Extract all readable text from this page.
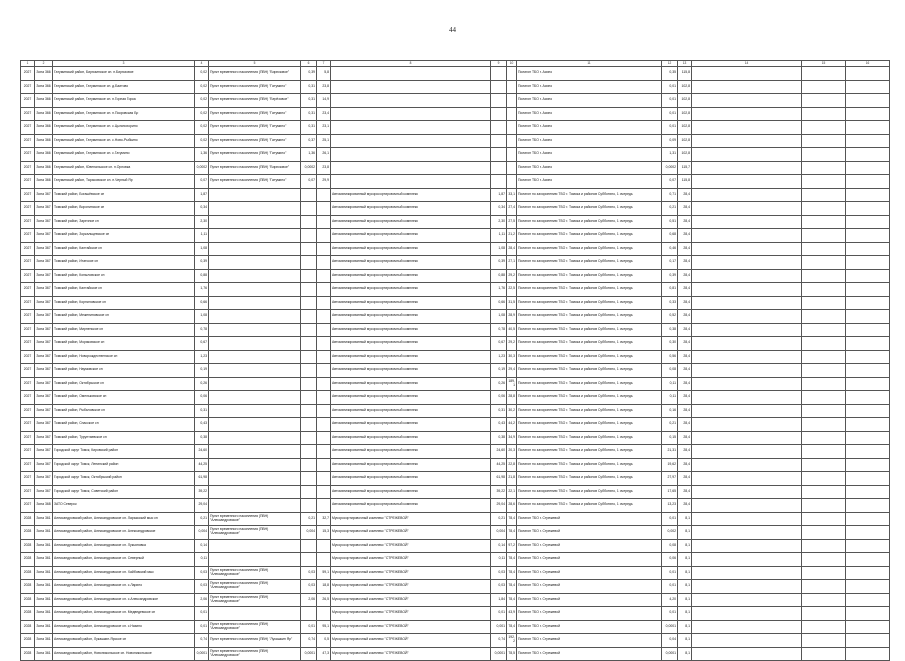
44
1	2	3	4	5	6	7	8	9	10	11	12	13	14	15	16
2027	Зона 366	Гатуминский район, Бирюзинское сп. п.Бирюзовое	0,02	Пункт временного накопления (ПВН) "Бирюзовое"	0,39	5,8				Полигон ТБО г. Асино	0,35	115,8			
2027	Зона 366	Гатуминский район, Гатуминское сп. д.Баитово	0,02	Пункт временного накопления (ПВН) "Гатумино"	0,31	23,8				Полигон ТБО г. Асино	0,01	102,8			
2027	Зона 366	Гатуминский район, Гатуминское сп. п.Горная Горка	0,02	Пункт временного накопления (ПВН) "Берёзовое"	0,31	14,9				Полигон ТБО г. Асино	0,01	102,8			
2027	Зона 366	Гатуминский район, Гатуминское сп. п.Покровская Бр	0,02	Пункт временного накопления (ПВН) "Гатумино"	0,31	23,4				Полигон ТБО г. Асино	0,01	102,8			
2027	Зона 366	Гатуминский район, Гатуминское сп. с.Цыганохорино	0,02	Пункт временного накопления (ПВН) "Гатумино"	0,31	23,1				Полигон ТБО г. Асино	0,01	102,8			
2027	Зона 366	Гатуминский район, Гатуминское сп. с.Ново-Рыбкино	0,02	Пункт временного накопления (ПВН) "Гатумино"	0,37	25,1				Полигон ТБО г. Асино	0,09	102,8			
2027	Зона 366	Гатуминский район, Гатуминское сп. с.Гатумино	1,36	Пункт временного накопления (ПВН) "Гатумино"	1,36	26,1				Полигон ТБО г. Асино	1,31	102,8			
2027	Зона 366	Гатуминский район, Ювенальское сп. п.Орловка	0,0002	Пункт временного накопления (ПВН) "Бирюзовое"	0,0002	23,8				Полигон ТБО г. Асино	0,0002	115,7			
2027	Зона 366	Гатуминский район, Тарасовское сп. п.Черный Яр	0,07	Пункт временного накопления (ПВН) "Гатумино"	0,07	29,9				Полигон ТБО г. Асино	0,07	115,8			
2027	Зона 367	Томский район, Богашёвское сп	1,87				Автоматизированный мусоросортировочный комплекс	1,87	33,1	Полигон по захоронению ТБО г. Томска и районов Субботино, 1 очередь	0,71	28,4			
2027	Зона 367	Томский район, Воронинское сп	0,34				Автоматизированный мусоросортировочный комплекс	0,34	27,4	Полигон по захоронению ТБО г. Томска и районов Субботино, 1 очередь	0,21	28,4			
2027	Зона 367	Томский район, Заречное сп	2,30				Автоматизированный мусоросортировочный комплекс	2,30	27,5	Полигон по захоронению ТБО г. Томска и районов Субботино, 1 очередь	0,51	28,4			
2027	Зона 367	Томский район, Зоркальцевское сп	1,11				Автоматизированный мусоросортировочный комплекс	1,11	21,2	Полигон по захоронению ТБО г. Томска и районов Субботино, 1 очередь	0,68	28,4			
2027	Зона 367	Томский район, Калтайское сп	1,08				Автоматизированный мусоросортировочный комплекс	1,08	28,4	Полигон по захоронению ТБО г. Томска и районов Субботино, 1 очередь	0,46	28,4			
2027	Зона 367	Томский район, Итатское сп	0,39				Автоматизированный мусоросортировочный комплекс	0,39	27,1	Полигон по захоронению ТБО г. Томска и районов Субботино, 1 очередь	0,17	28,4			
2027	Зона 367	Томский район, Копыловское сп	0,88				Автоматизированный мусоросортировочный комплекс	0,88	29,2	Полигон по захоронению ТБО г. Томска и районов Субботино, 1 очередь	0,39	28,4			
2027	Зона 367	Томский район, Калтайское сп	1,76				Автоматизированный мусоросортировочный комплекс	1,76	22,5	Полигон по захоронению ТБО г. Томска и районов Субботино, 1 очередь	0,81	28,4			
2027	Зона 367	Томский район, Корниловское сп	0,66				Автоматизированный мусоросортировочный комплекс	0,66	31,5	Полигон по захоронению ТБО г. Томска и районов Субботино, 1 очередь	0,33	28,4			
2027	Зона 367	Томский район, Межениновское сп	1,08				Автоматизированный мусоросортировочный комплекс	1,08	28,9	Полигон по захоронению ТБО г. Томска и районов Субботино, 1 очередь	0,52	28,4			
2027	Зона 367	Томский район, Мирненское сп	0,78				Автоматизированный мусоросортировочный комплекс	0,78	40,5	Полигон по захоронению ТБО г. Томска и районов Субботино, 1 очередь	0,38	28,4			
2027	Зона 367	Томский район, Моряковское сп	0,67				Автоматизированный мусоросортировочный комплекс	0,67	29,2	Полигон по захоронению ТБО г. Томска и районов Субботино, 1 очередь	0,30	28,4			
2027	Зона 367	Томский район, Новорождественское сп	1,23				Автоматизированный мусоросортировочный комплекс	1,23	30,3	Полигон по захоронению ТБО г. Томска и районов Субботино, 1 очередь	0,56	28,4			
2027	Зона 367	Томский район, Наумовское сп	0,19				Автоматизированный мусоросортировочный комплекс	0,19	29,4	Полигон по захоронению ТБО г. Томска и районов Субботино, 1 очередь	0,08	28,4			
2027	Зона 367	Томский район, Октябрьское сп	0,26				Автоматизированный мусоросортировочный комплекс	0,26	189,1	Полигон по захоронению ТБО г. Томска и районов Субботино, 1 очередь	0,11	28,4			
2027	Зона 367	Томский район, Омельковское сп	0,06				Автоматизированный мусоросортировочный комплекс	0,06	28,8	Полигон по захоронению ТБО г. Томска и районов Субботино, 1 очередь	0,11	28,4			
2027	Зона 367	Томский район, Рыбаловское сп	0,31				Автоматизированный мусоросортировочный комплекс	0,31	30,2	Полигон по захоронению ТБО г. Томска и районов Субботино, 1 очередь	0,16	28,4			
2027	Зона 367	Томский район, Спасское сп	0,43				Автоматизированный мусоросортировочный комплекс	0,43	44,2	Полигон по захоронению ТБО г. Томска и районов Субботино, 1 очередь	0,21	28,4			
2027	Зона 367	Томский район, Турунтаевское сп	0,38				Автоматизированный мусоросортировочный комплекс	0,38	34,9	Полигон по захоронению ТБО г. Томска и районов Субботино, 1 очередь	0,15	28,4			
2027	Зона 367	Городской округ Томск, Кировский район	24,60				Автоматизированный мусоросортировочный комплекс	24,60	20,3	Полигон по захоронению ТБО г. Томска и районов Субботино, 1 очередь	21,31	28,4			
2027	Зона 367	Городской округ Томск, Ленинский район	44,25				Автоматизированный мусоросортировочный комплекс	44,25	22,8	Полигон по захоронению ТБО г. Томска и районов Субботино, 1 очередь	19,62	28,4			
2027	Зона 367	Городской округ Томск, Октябрьский район	61,98				Автоматизированный мусоросортировочный комплекс	61,98	21,8	Полигон по захоронению ТБО г. Томска и районов Субботино, 1 очередь	27,97	28,4			
2027	Зона 367	Городской округ Томск, Советский район	39,22				Автоматизированный мусоросортировочный комплекс	39,22	22,1	Полигон по захоронению ТБО г. Томска и районов Субботино, 1 очередь	17,65	28,4			
2027	Зона 368	ЗАТО Северск	29,04				Автоматизированный мусоросортировочный комплекс	29,04	28,6	Полигон по захоронению ТБО г. Томска и районов Субботино, 1 очередь	13,23	28,4			
2028	Зона 361	Александровский район, Александровское сп. Ларьякский мыс сп	0,21	Пункт временного накопления (ПВН) "Александровское"	0,21	32,7	Мусоросортировочный комплекс "СТРЕЖЕВОЙ"	0,21	78,4	Полигон ТБО г. Стрежевой	0,01	8,1			
2028	Зона 361	Александровский район, Александровское сп. Александровское	0,004	Пункт временного накопления (ПВН) "Александровское"	0,004	15,3	Мусоросортировочный комплекс "СТРЕЖЕВОЙ"	0,004	78,4	Полигон ТБО г. Стрежевой	0,002	8,1			
2028	Зона 361	Александровский район, Александровское сп. Лукьяновка	0,14				Мусоросортировочный комплекс "СТРЕЖЕВОЙ"	0,14	97,2	Полигон ТБО г. Стрежевой	0,08	8,1			
2028	Зона 361	Александровский район, Александровское сп. Северный	0,11				Мусоросортировочный комплекс "СТРЕЖЕВОЙ"	0,11	78,4	Полигон ТБО г. Стрежевой	0,06	8,1			
2028	Зона 361	Александровский район, Александровское сп. Хайбовский мыс	0,03	Пункт временного накопления (ПВН) "Александровское"	0,03	59,1	Мусоросортировочный комплекс "СТРЕЖЕВОЙ"	0,03	78,4	Полигон ТБО г. Стрежевой	0,01	8,1			
2028	Зона 361	Александровский район, Александровское сп. с.Ларино	0,03	Пункт временного накопления (ПВН) "Александровское"	0,03	18,8	Мусоросортировочный комплекс "СТРЕЖЕВОЙ"	0,03	78,4	Полигон ТБО г. Стрежевой	0,01	8,1			
2028	Зона 361	Александровский район, Александровское сп. с.Александровское	2,06	Пункт временного накопления (ПВН) "Александровское"	2,06	26,5	Мусоросортировочный комплекс "СТРЕЖЕВОЙ"	1,84	78,4	Полигон ТБО г. Стрежевой	4,20	8,1			
2028	Зона 361	Александровский район, Александровское сп. Медведевское сп	0,01				Мусоросортировочный комплекс "СТРЕЖЕВОЙ"	0,01	43,9	Полигон ТБО г. Стрежевой	0,01	8,1			
2028	Зона 361	Александровский район, Александровское сп. с.Назино	0,01	Пункт временного накопления (ПВН) "Александровское"	0,01	95,1	Мусоросортировочный комплекс "СТРЕЖЕВОЙ"	0,001	78,4	Полигон ТБО г. Стрежевой	0,0001	8,1			
2028	Зона 361	Александровский район, Лукашкин-Ярское сп	0,74	Пункт временного накопления (ПВН) "Лукашкин Яр"	0,74	0,5	Мусоросортировочный комплекс "СТРЕЖЕВОЙ"	0,74	192,2	Полигон ТБО г. Стрежевой	0,04	8,1			
2028	Зона 361	Александровский район, Новоникольское сп. Новоникольское	0,0001	Пункт временного накопления (ПВН) "Александровское"	0,0001	47,3	Мусоросортировочный комплекс "СТРЕЖЕВОЙ"	0,0001	78,5	Полигон ТБО г. Стрежевой	0,0001	8,1			
